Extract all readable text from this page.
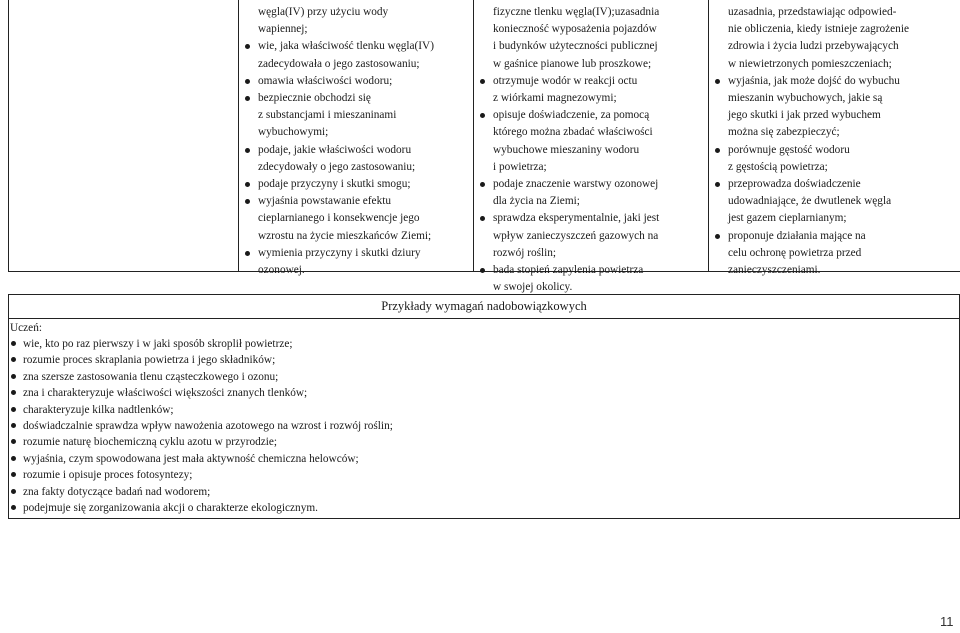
węgla(IV) przy użyciu wody

wapiennej;

wie, jaka właściwość tlenku węgla(IV)

zadecydowała o jego zastosowaniu;

omawia właściwości wodoru;

bezpiecznie obchodzi się

z substancjami i mieszaninami

wybuchowymi;

podaje, jakie właściwości wodoru

zdecydowały o jego zastosowaniu;

podaje przyczyny i skutki smogu;

wyjaśnia powstawanie efektu

cieplarnianego i konsekwencje jego

wzrostu na życie mieszkańców Ziemi;

wymienia przyczyny i skutki dziury

ozonowej.

fizyczne tlenku węgla(IV);uzasadnia

konieczność wyposażenia pojazdów

i budynków użyteczności publicznej

w gaśnice pianowe lub proszkowe;

otrzymuje wodór w reakcji octu

z wiórkami magnezowymi;

opisuje doświadczenie, za pomocą

którego można zbadać właściwości

wybuchowe mieszaniny wodoru

i powietrza;

podaje znaczenie warstwy ozonowej

dla życia na Ziemi;

sprawdza eksperymentalnie, jaki jest

wpływ zanieczyszczeń gazowych na

rozwój roślin;

bada stopień zapylenia powietrza

w swojej okolicy.

uzasadnia, przedstawiając odpowied-

nie obliczenia, kiedy istnieje zagrożenie

zdrowia i życia ludzi przebywających

w niewietrzonych pomieszczeniach;

wyjaśnia, jak może dojść do wybuchu

mieszanin wybuchowych, jakie są

jego skutki i jak przed wybuchem

można się zabezpieczyć;

porównuje gęstość wodoru

z gęstością powietrza;

przeprowadza doświadczenie

udowadniające, że dwutlenek węgla

jest gazem cieplarnianym;

proponuje działania mające na

celu ochronę powietrza przed

zanieczyszczeniami.

Przykłady wymagań nadobowiązkowych
Uczeń:

wie, kto po raz pierwszy i w jaki sposób skroplił powietrze;

rozumie proces skraplania powietrza i jego składników;

zna szersze zastosowania tlenu cząsteczkowego i ozonu;

zna i charakteryzuje właściwości większości znanych tlenków;

charakteryzuje kilka nadtlenków;

doświadczalnie sprawdza wpływ nawożenia azotowego na wzrost i rozwój roślin;

rozumie naturę biochemiczną cyklu azotu w przyrodzie;

wyjaśnia, czym spowodowana jest mała aktywność chemiczna helowców;

rozumie i opisuje proces fotosyntezy;

zna fakty dotyczące badań nad wodorem;

podejmuje się zorganizowania akcji o charakterze ekologicznym.

11
